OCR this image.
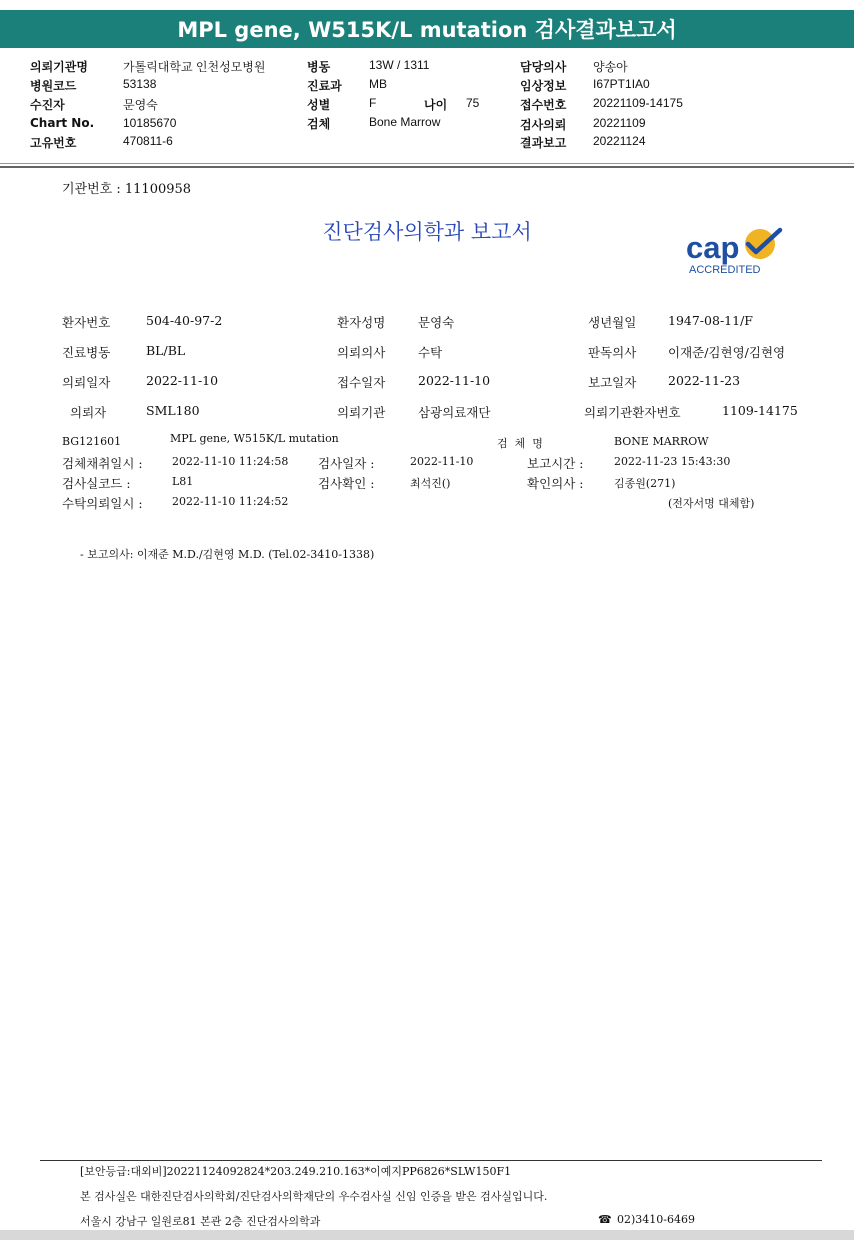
MPL gene, W515K/L mutation 검사결과보고서
의뢰기관명	가톨릭대학교 인천성모병원
병원코드	53138
수진자	문영숙
Chart No. 10185670
고유번호	470811-6
병동	13W / 1311
진료과 MB
성별	F	나이 75
검체	Bone Marrow
담당의사 양송아
임상정보 I67PT1IA0
접수번호 20221109-14175
검사의뢰 20221109
결과보고 20221124
기관번호 : 11100958
진단검사의학과 보고서	cap
ACCREDITED
환자번호	504-40-97-2	환자성명	문영숙	생년월일	1947-08-11/F
진료병동	BL/BL	의뢰의사	수탁	판독의사	이재준/김현영/김현영
의뢰일자	2022-11-10	접수일자	2022-11-10	보고일자	2022-11-23
의뢰자	SML180	의뢰기관	삼광의료재단	의뢰기관환자번호	1109-14175
BG121601	MPL gene, W515K/L mutation	검  체  명	BONE MARROW
검체채취일시 :	2022-11-10 11:24:58 검사일자 :	2022-11-10	보고시간 :	2022-11-23 15:43:30
검사실코드 :	L81	검사확인 :	최석진()	확인의사 :	김종원(271)
수탁의뢰일시 :	2022-11-10 11:24:52	(전자서명 대체함)
- 보고의사: 이재준 M.D./김현영 M.D. (Tel.02-3410-1338)
[보안등급:대외비]20221124092824*203.249.210.163*이예지PP6826*SLW150F1
본 검사실은 대한진단검사의학회/진단검사의학재단의 우수검사실 신임 인증을 받은 검사실입니다.
서울시 강남구 일원로81 본관 2층 진단검사의학과	☎ 02)3410-6469
